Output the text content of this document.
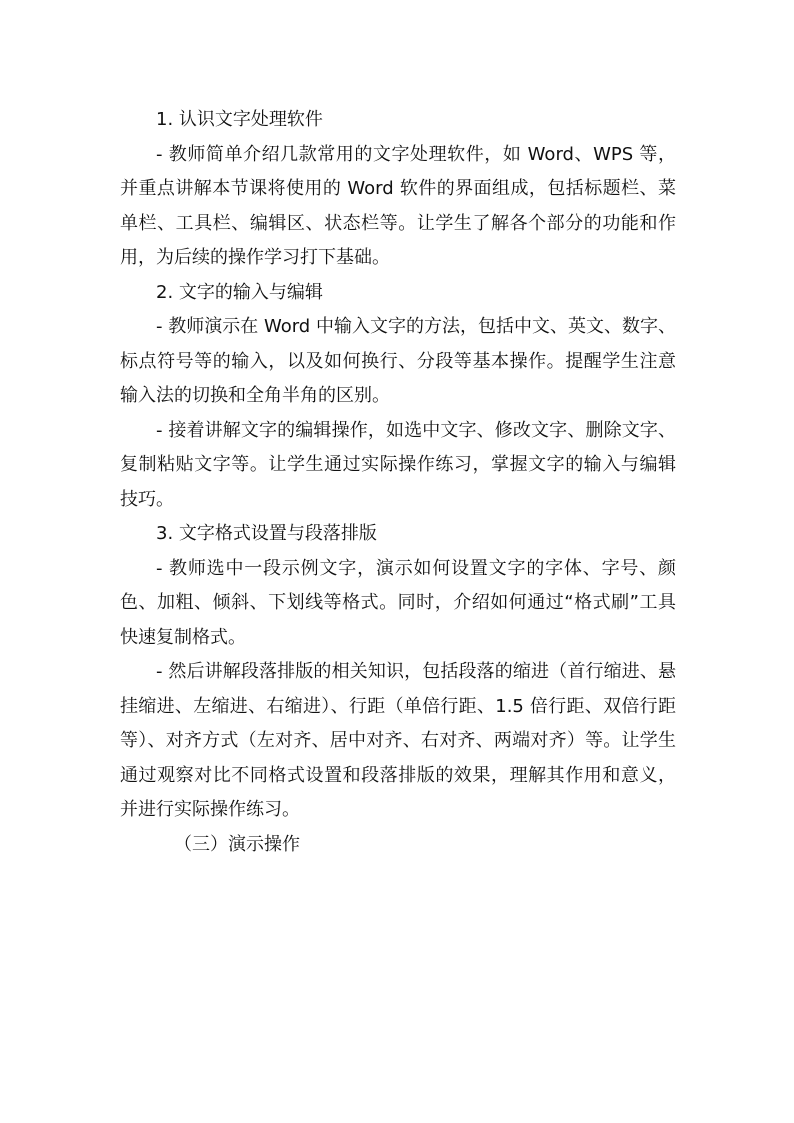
1. 认识文字处理软件

- 教师简单介绍几款常用的文字处理软件，如 Word、WPS 等，并重点讲解本节课将使用的 Word 软件的界面组成，包括标题栏、菜单栏、工具栏、编辑区、状态栏等。让学生了解各个部分的功能和作用，为后续的操作学习打下基础。

2. 文字的输入与编辑

- 教师演示在 Word 中输入文字的方法，包括中文、英文、数字、标点符号等的输入，以及如何换行、分段等基本操作。提醒学生注意输入法的切换和全角半角的区别。

- 接着讲解文字的编辑操作，如选中文字、修改文字、删除文字、复制粘贴文字等。让学生通过实际操作练习，掌握文字的输入与编辑技巧。

3. 文字格式设置与段落排版

- 教师选中一段示例文字，演示如何设置文字的字体、字号、颜色、加粗、倾斜、下划线等格式。同时，介绍如何通过“格式刷”工具快速复制格式。

- 然后讲解段落排版的相关知识，包括段落的缩进（首行缩进、悬挂缩进、左缩进、右缩进）、行距（单倍行距、1.5 倍行距、双倍行距等）、对齐方式（左对齐、居中对齐、右对齐、两端对齐）等。让学生通过观察对比不同格式设置和段落排版的效果，理解其作用和意义，并进行实际操作练习。

（三）演示操作
